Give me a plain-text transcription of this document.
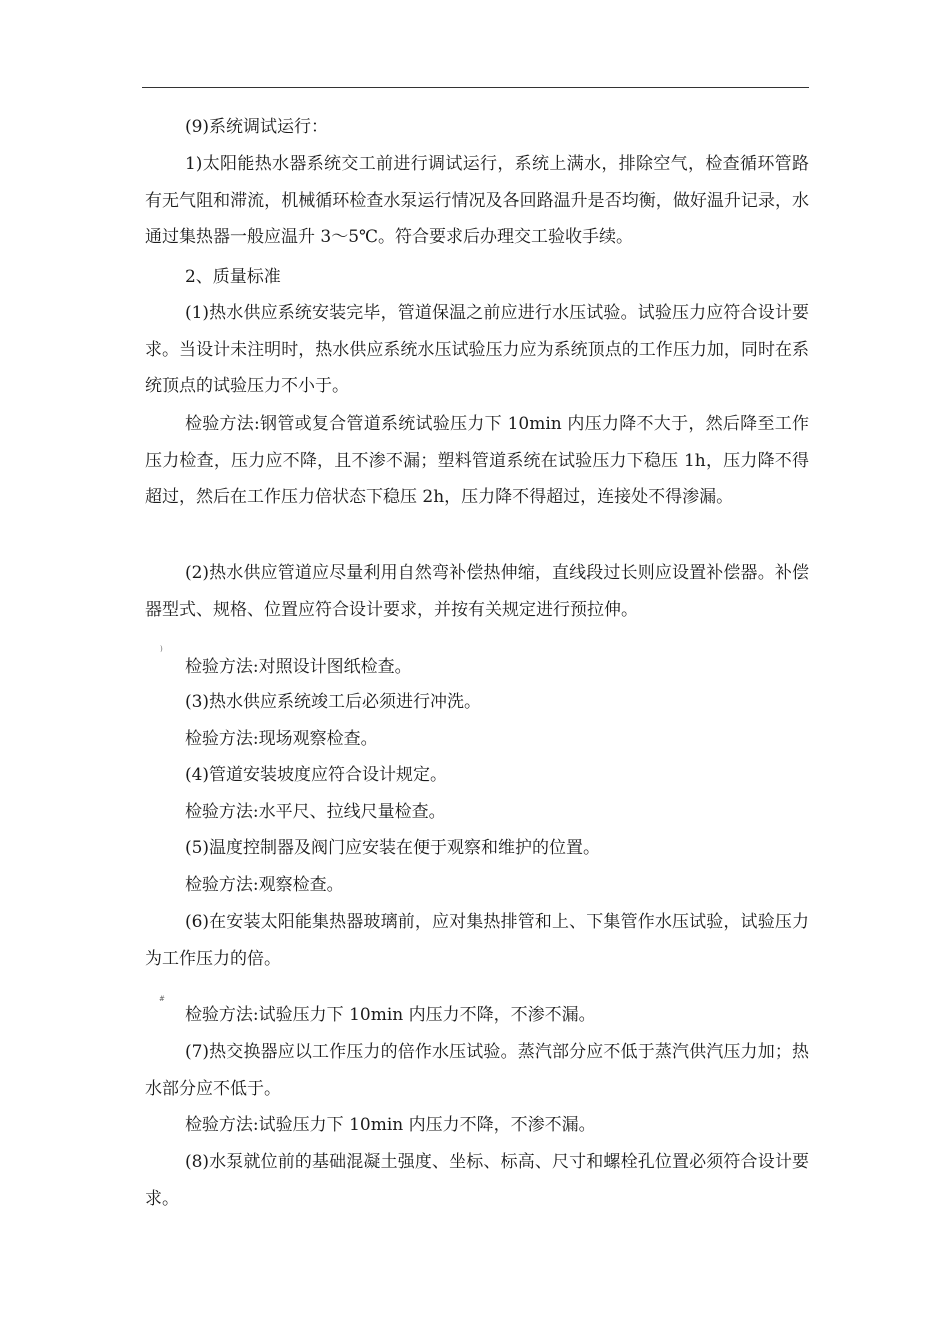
(9)系统调试运行：

1)太阳能热水器系统交工前进行调试运行，系统上满水，排除空气，检查循环管路有无气阻和滞流，机械循环检查水泵运行情况及各回路温升是否均衡，做好温升记录，水通过集热器一般应温升 3～5℃。符合要求后办理交工验收手续。

2、质量标准

(1)热水供应系统安装完毕，管道保温之前应进行水压试验。试验压力应符合设计要求。当设计未注明时，热水供应系统水压试验压力应为系统顶点的工作压力加，同时在系统顶点的试验压力不小于。

检验方法:钢管或复合管道系统试验压力下 10min 内压力降不大于，然后降至工作压力检查，压力应不降，且不渗不漏；塑料管道系统在试验压力下稳压 1h，压力降不得超过，然后在工作压力倍状态下稳压 2h，压力降不得超过，连接处不得渗漏。

(2)热水供应管道应尽量利用自然弯补偿热伸缩，直线段过长则应设置补偿器。补偿器型式、规格、位置应符合设计要求，并按有关规定进行预拉伸。

)

检验方法:对照设计图纸检查。

(3)热水供应系统竣工后必须进行冲洗。

检验方法:现场观察检查。

(4)管道安装坡度应符合设计规定。

检验方法:水平尺、拉线尺量检查。

(5)温度控制器及阀门应安装在便于观察和维护的位置。

检验方法:观察检查。

(6)在安装太阳能集热器玻璃前，应对集热排管和上、下集管作水压试验，试验压力为工作压力的倍。

#

检验方法:试验压力下 10min 内压力不降，不渗不漏。

(7)热交换器应以工作压力的倍作水压试验。蒸汽部分应不低于蒸汽供汽压力加；热水部分应不低于。

检验方法:试验压力下 10min 内压力不降，不渗不漏。

(8)水泵就位前的基础混凝土强度、坐标、标高、尺寸和螺栓孔位置必须符合设计要求。
